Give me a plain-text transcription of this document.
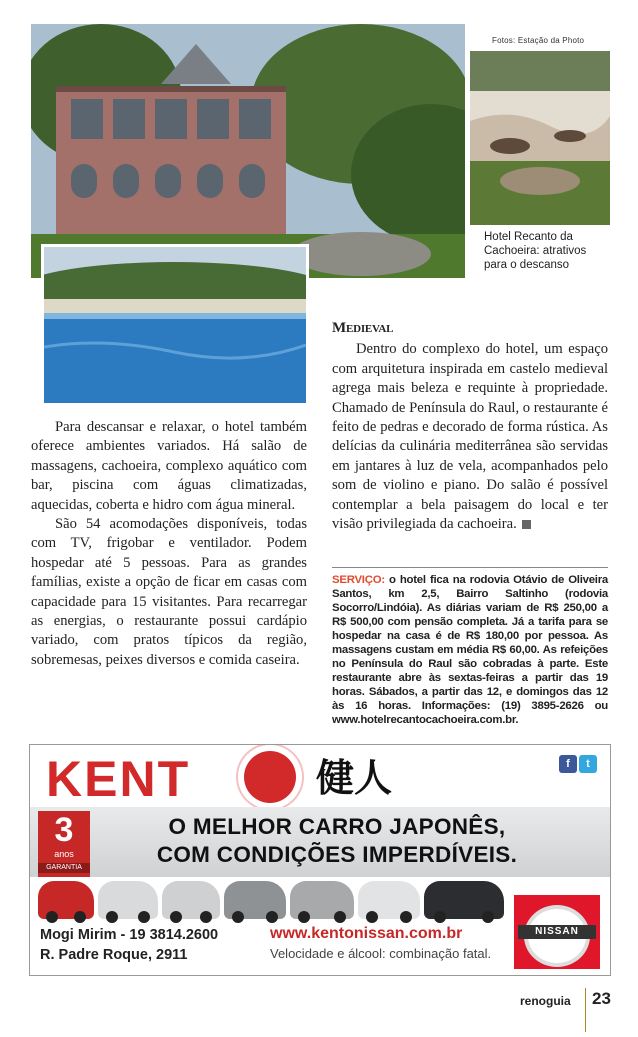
Fotos: Estação da Photo
Hotel Recanto da Cachoeira: atrativos para o descanso

Para descansar e relaxar, o hotel também oferece ambientes variados. Há salão de massagens, cachoeira, complexo aquático com bar, piscina com águas climatizadas, aquecidas, coberta e hidro com água mineral.

São 54 acomodações disponíveis, todas com TV, frigobar e ventilador. Podem hospedar até 5 pessoas. Para as grandes famílias, existe a opção de ficar em casas com capacidade para 15 visitantes. Para recarregar as energias, o restaurante possui cardápio variado, com pratos típicos da região, sobremesas, peixes diversos e comida caseira.

Medieval

Dentro do complexo do hotel, um espaço com arquitetura inspirada em castelo medieval agrega mais beleza e requinte à propriedade. Chamado de Península do Raul, o restaurante é feito de pedras e decorado de forma rústica. As delícias da culinária mediterrânea são servidas em jantares à luz de vela, acompanhados pelo som de violino e piano. Do salão é possível contemplar a bela paisagem do local e ter visão privilegiada da cachoeira.

SERVIÇO: o hotel fica na rodovia Otávio de Oliveira Santos, km 2,5, Bairro Saltinho (rodovia Socorro/Lindóia). As diárias variam de R$ 250,00 a R$ 500,00 com pensão completa. Já a tarifa para se hospedar na casa é de R$ 180,00 por pessoa. As massagens custam em média R$ 60,00. As refeições no Península do Raul são cobradas à parte. Este restaurante abre às sextas-feiras a partir das 19 horas. Sábados, a partir das 12, e domingos das 12 às 16 horas. Informações: (19) 3895-2626 ou www.hotelrecantocachoeira.com.br.
KENT	健人	f t
3
anos
GARANTIA
O MELHOR CARRO JAPONÊS,
COM CONDIÇÕES IMPERDÍVEIS.
NISSAN
Mogi Mirim - 19 3814.2600
R. Padre Roque, 2911
www.kentonissan.com.br
Velocidade e álcool: combinação fatal.
renoguia 23
